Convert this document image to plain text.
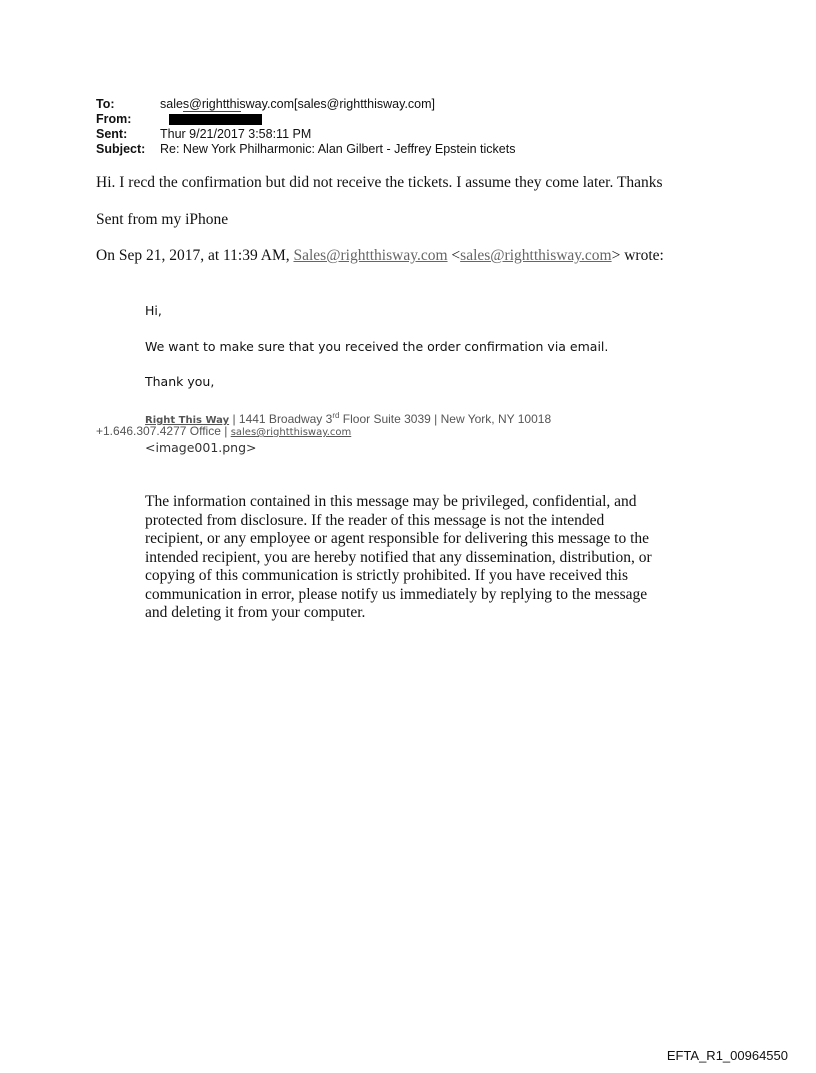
To:	sales@rightthisway.com[sales@rightthisway.com]
From:
Sent:	Thur 9/21/2017 3:58:11 PM
Subject:	Re: New York Philharmonic: Alan Gilbert - Jeffrey Epstein tickets
Hi. I recd the confirmation but did not receive the tickets. I assume they come later. Thanks
Sent from my iPhone
On Sep 21, 2017, at 11:39 AM, Sales@rightthisway.com <sales@rightthisway.com> wrote:
Hi,
We want to make sure that you received the order confirmation via email.
Thank you,
Right This Way | 1441 Broadway 3rd Floor Suite 3039 | New York, NY 10018
+1.646.307.4277 Office | sales@rightthisway.com
<image001.png>

The information contained in this message may be privileged, confidential, and

protected from disclosure. If the reader of this message is not the intended

recipient, or any employee or agent responsible for delivering this message to the

intended recipient, you are hereby notified that any dissemination, distribution, or

copying of this communication is strictly prohibited. If you have received this

communication in error, please notify us immediately by replying to the message

and deleting it from your computer.

EFTA_R1_00964550
